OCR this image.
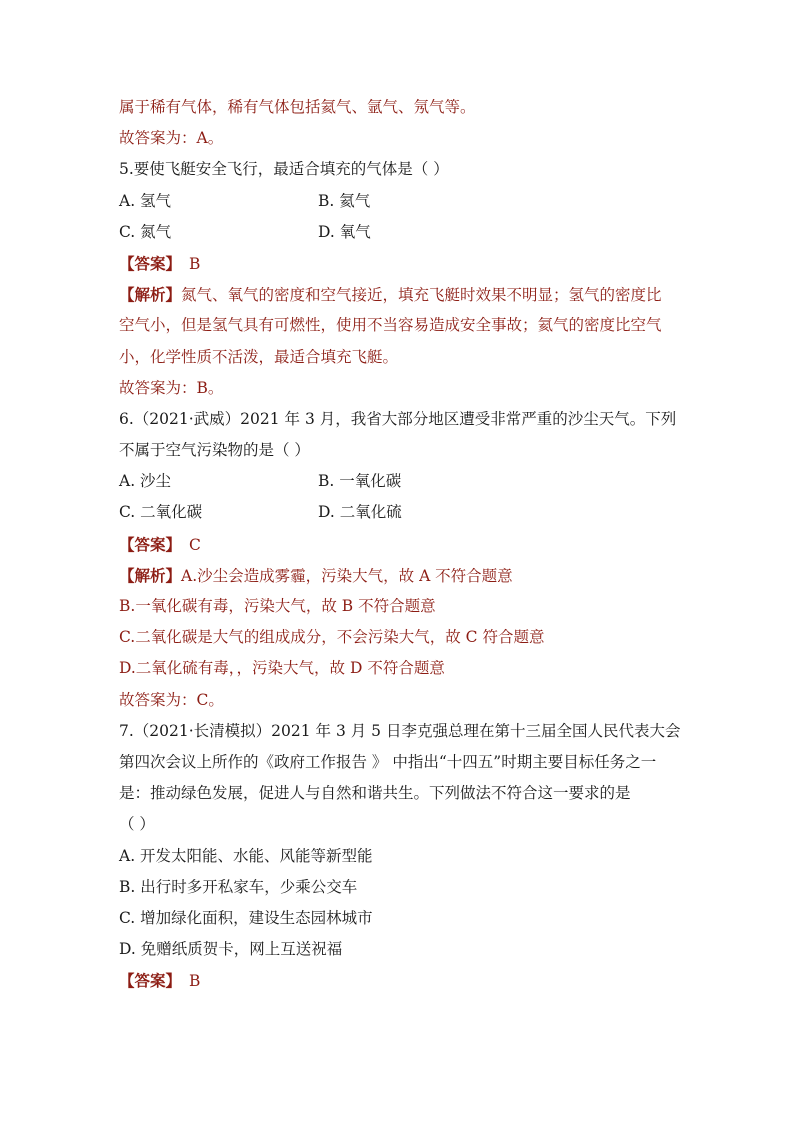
属于稀有气体，稀有气体包括氦气、氩气、氖气等。
故答案为：A。
5.要使飞艇安全飞行，最适合填充的气体是（ ）
A. 氢气	B. 氦气
C. 氮气	D. 氧气
【答案】 B
【解析】氮气、氧气的密度和空气接近，填充飞艇时效果不明显；氢气的密度比
空气小，但是氢气具有可燃性，使用不当容易造成安全事故；氦气的密度比空气
小，化学性质不活泼，最适合填充飞艇。
故答案为：B。
6.（2021·武威）2021 年 3 月，我省大部分地区遭受非常严重的沙尘天气。下列
不属于空气污染物的是（ ）
A. 沙尘	B. 一氧化碳
C. 二氧化碳	D. 二氧化硫
【答案】 C
【解析】A.沙尘会造成雾霾，污染大气，故 A 不符合题意
B.一氧化碳有毒，污染大气，故 B 不符合题意
C.二氧化碳是大气的组成成分，不会污染大气，故 C 符合题意
D.二氧化硫有毒，，污染大气，故 D 不符合题意
故答案为：C。
7.（2021·长清模拟）2021 年 3 月 5 日李克强总理在第十三届全国人民代表大会
第四次会议上所作的《政府工作报告 》 中指出“十四五”时期主要目标任务之一
是：推动绿色发展，促进人与自然和谐共生。下列做法不符合这一要求的是
（ ）
A. 开发太阳能、水能、风能等新型能
B. 出行时多开私家车，少乘公交车
C. 增加绿化面积，建设生态园林城市
D. 免赠纸质贺卡，网上互送祝福
【答案】 B
